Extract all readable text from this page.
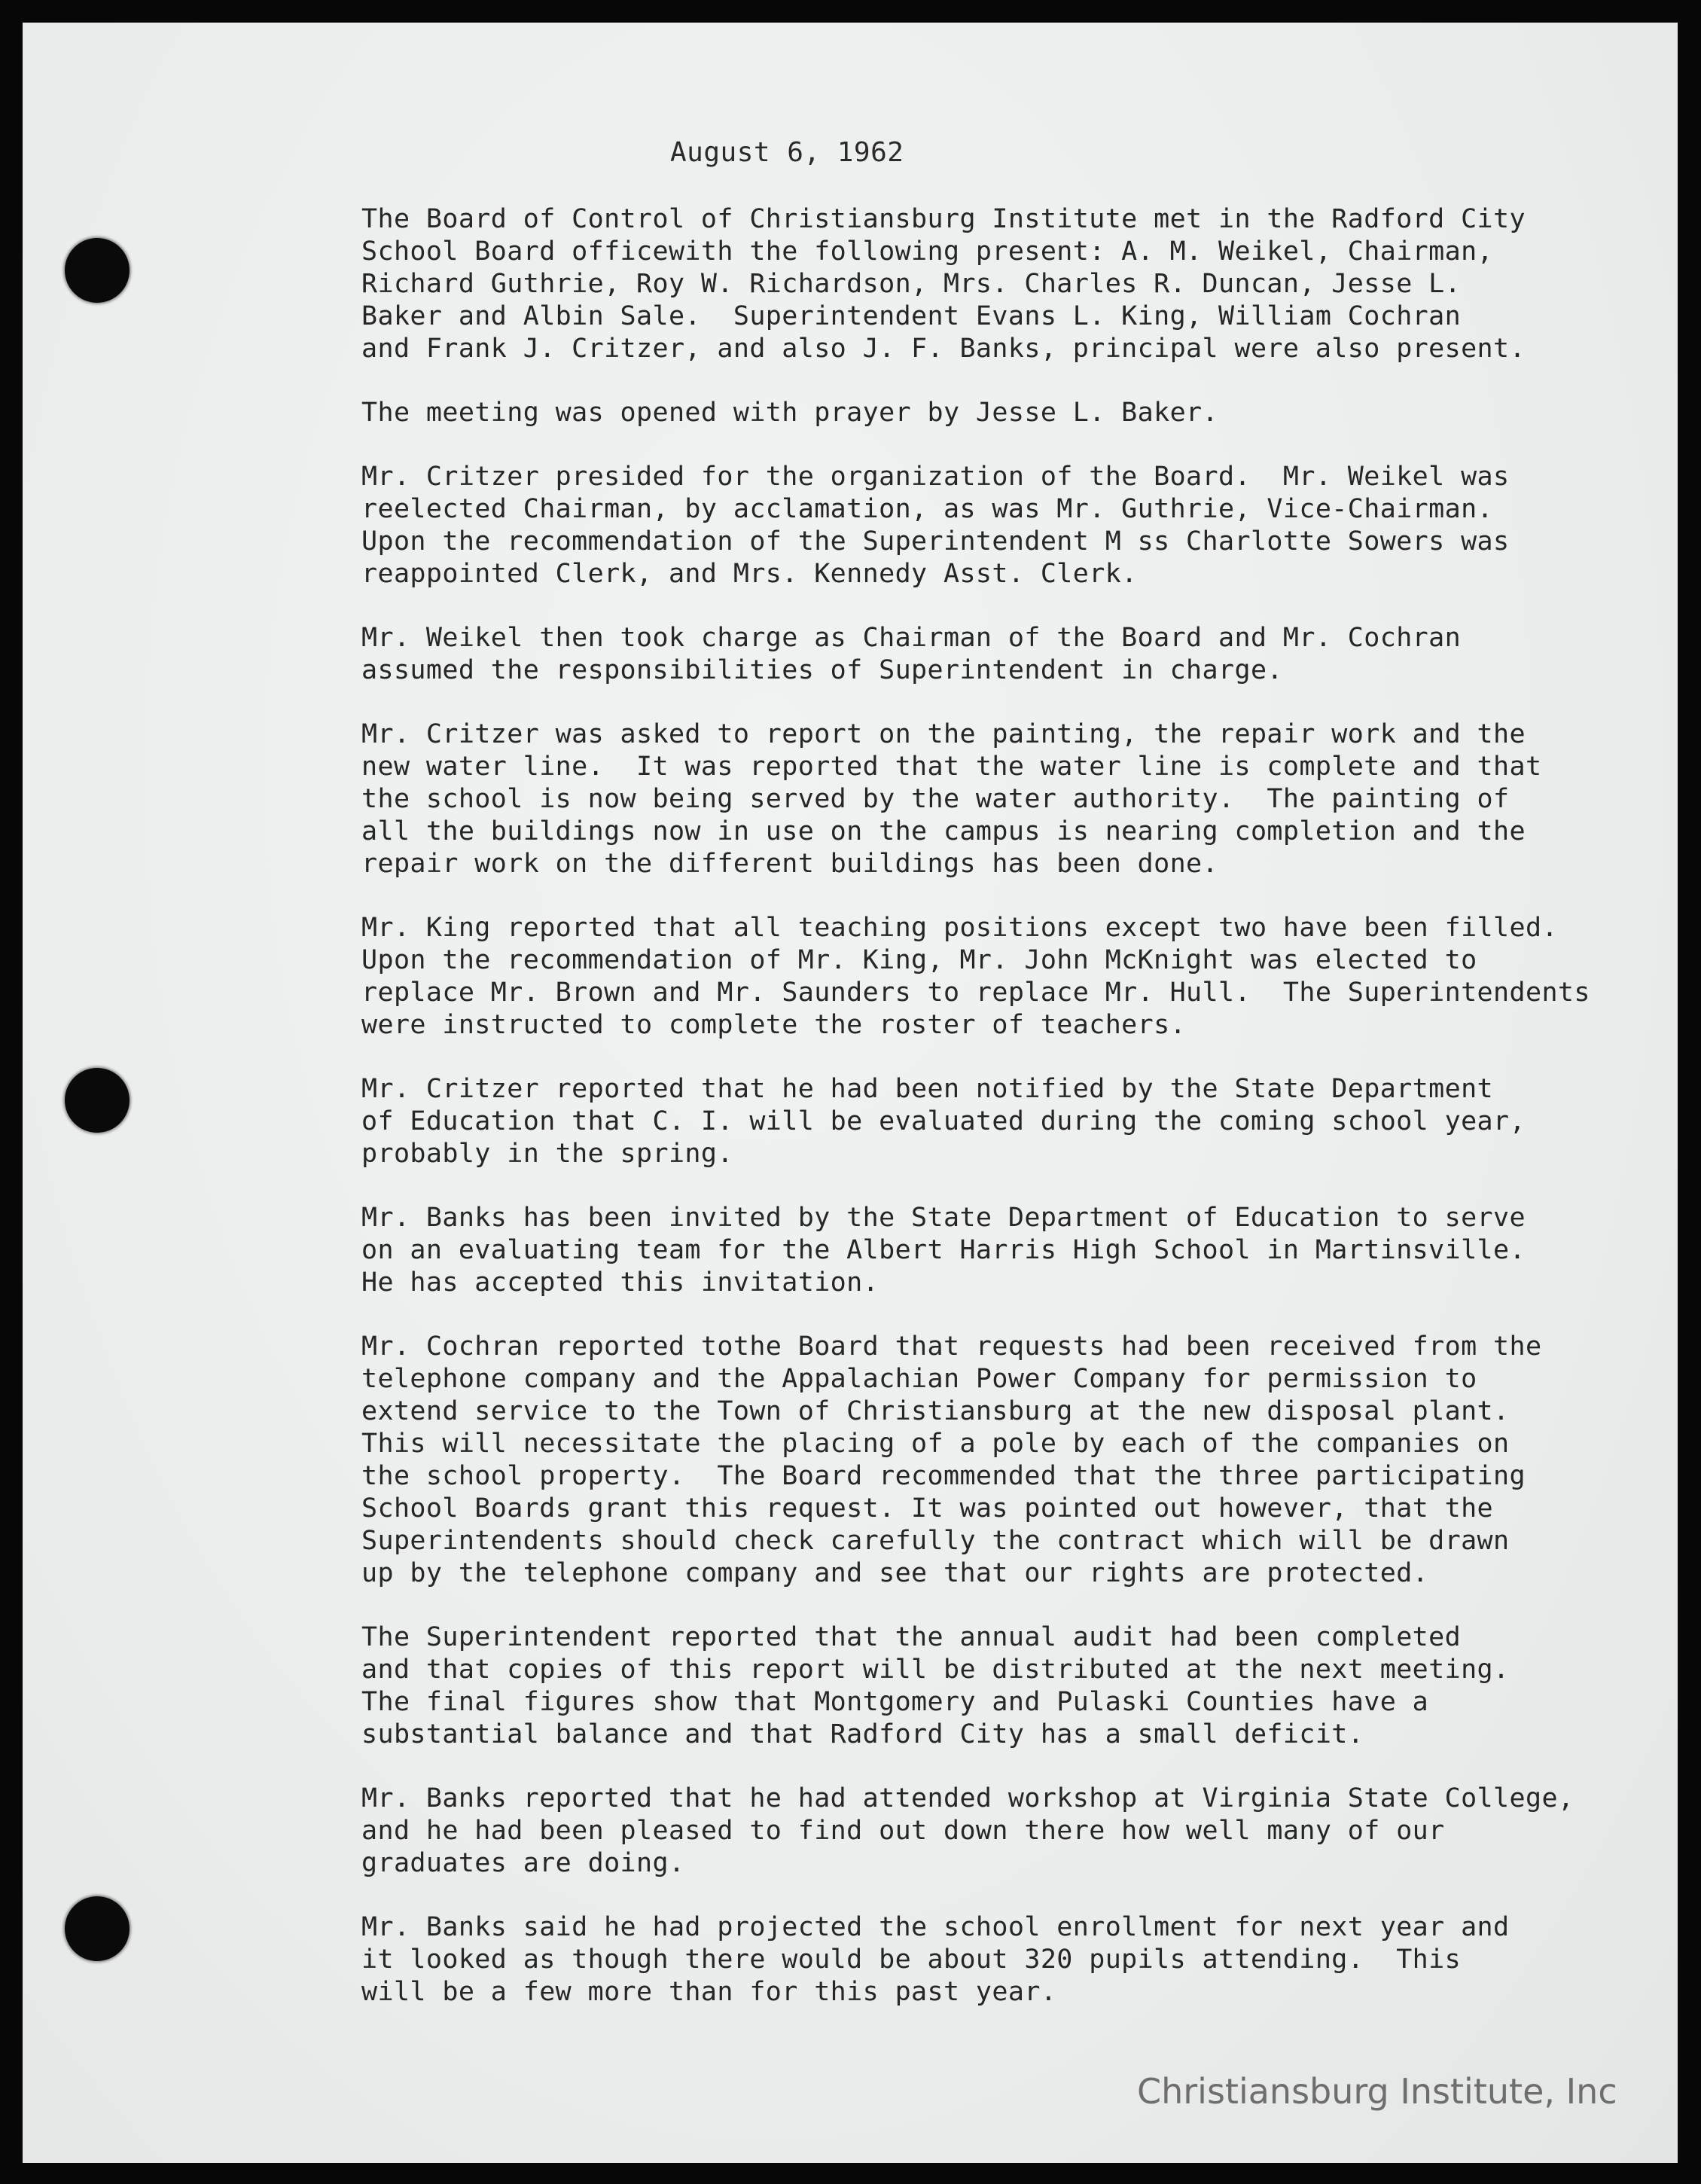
August 6, 1962
The Board of Control of Christiansburg Institute met in the Radford City
School Board officewith the following present: A. M. Weikel, Chairman,
Richard Guthrie, Roy W. Richardson, Mrs. Charles R. Duncan, Jesse L.
Baker and Albin Sale.  Superintendent Evans L. King, William Cochran
and Frank J. Critzer, and also J. F. Banks, principal were also present.
The meeting was opened with prayer by Jesse L. Baker.
Mr. Critzer presided for the organization of the Board.  Mr. Weikel was
reelected Chairman, by acclamation, as was Mr. Guthrie, Vice-Chairman.
Upon the recommendation of the Superintendent M ss Charlotte Sowers was
reappointed Clerk, and Mrs. Kennedy Asst. Clerk.
Mr. Weikel then took charge as Chairman of the Board and Mr. Cochran
assumed the responsibilities of Superintendent in charge.
Mr. Critzer was asked to report on the painting, the repair work and the
new water line.  It was reported that the water line is complete and that
the school is now being served by the water authority.  The painting of
all the buildings now in use on the campus is nearing completion and the
repair work on the different buildings has been done.
Mr. King reported that all teaching positions except two have been filled.
Upon the recommendation of Mr. King, Mr. John McKnight was elected to
replace Mr. Brown and Mr. Saunders to replace Mr. Hull.  The Superintendents
were instructed to complete the roster of teachers.
Mr. Critzer reported that he had been notified by the State Department
of Education that C. I. will be evaluated during the coming school year,
probably in the spring.
Mr. Banks has been invited by the State Department of Education to serve
on an evaluating team for the Albert Harris High School in Martinsville.
He has accepted this invitation.
Mr. Cochran reported tothe Board that requests had been received from the
telephone company and the Appalachian Power Company for permission to
extend service to the Town of Christiansburg at the new disposal plant.
This will necessitate the placing of a pole by each of the companies on
the school property.  The Board recommended that the three participating
School Boards grant this request. It was pointed out however, that the
Superintendents should check carefully the contract which will be drawn
up by the telephone company and see that our rights are protected.
The Superintendent reported that the annual audit had been completed
and that copies of this report will be distributed at the next meeting.
The final figures show that Montgomery and Pulaski Counties have a
substantial balance and that Radford City has a small deficit.
Mr. Banks reported that he had attended workshop at Virginia State College,
and he had been pleased to find out down there how well many of our
graduates are doing.
Mr. Banks said he had projected the school enrollment for next year and
it looked as though there would be about 320 pupils attending.  This
will be a few more than for this past year.
Christiansburg Institute, Inc
